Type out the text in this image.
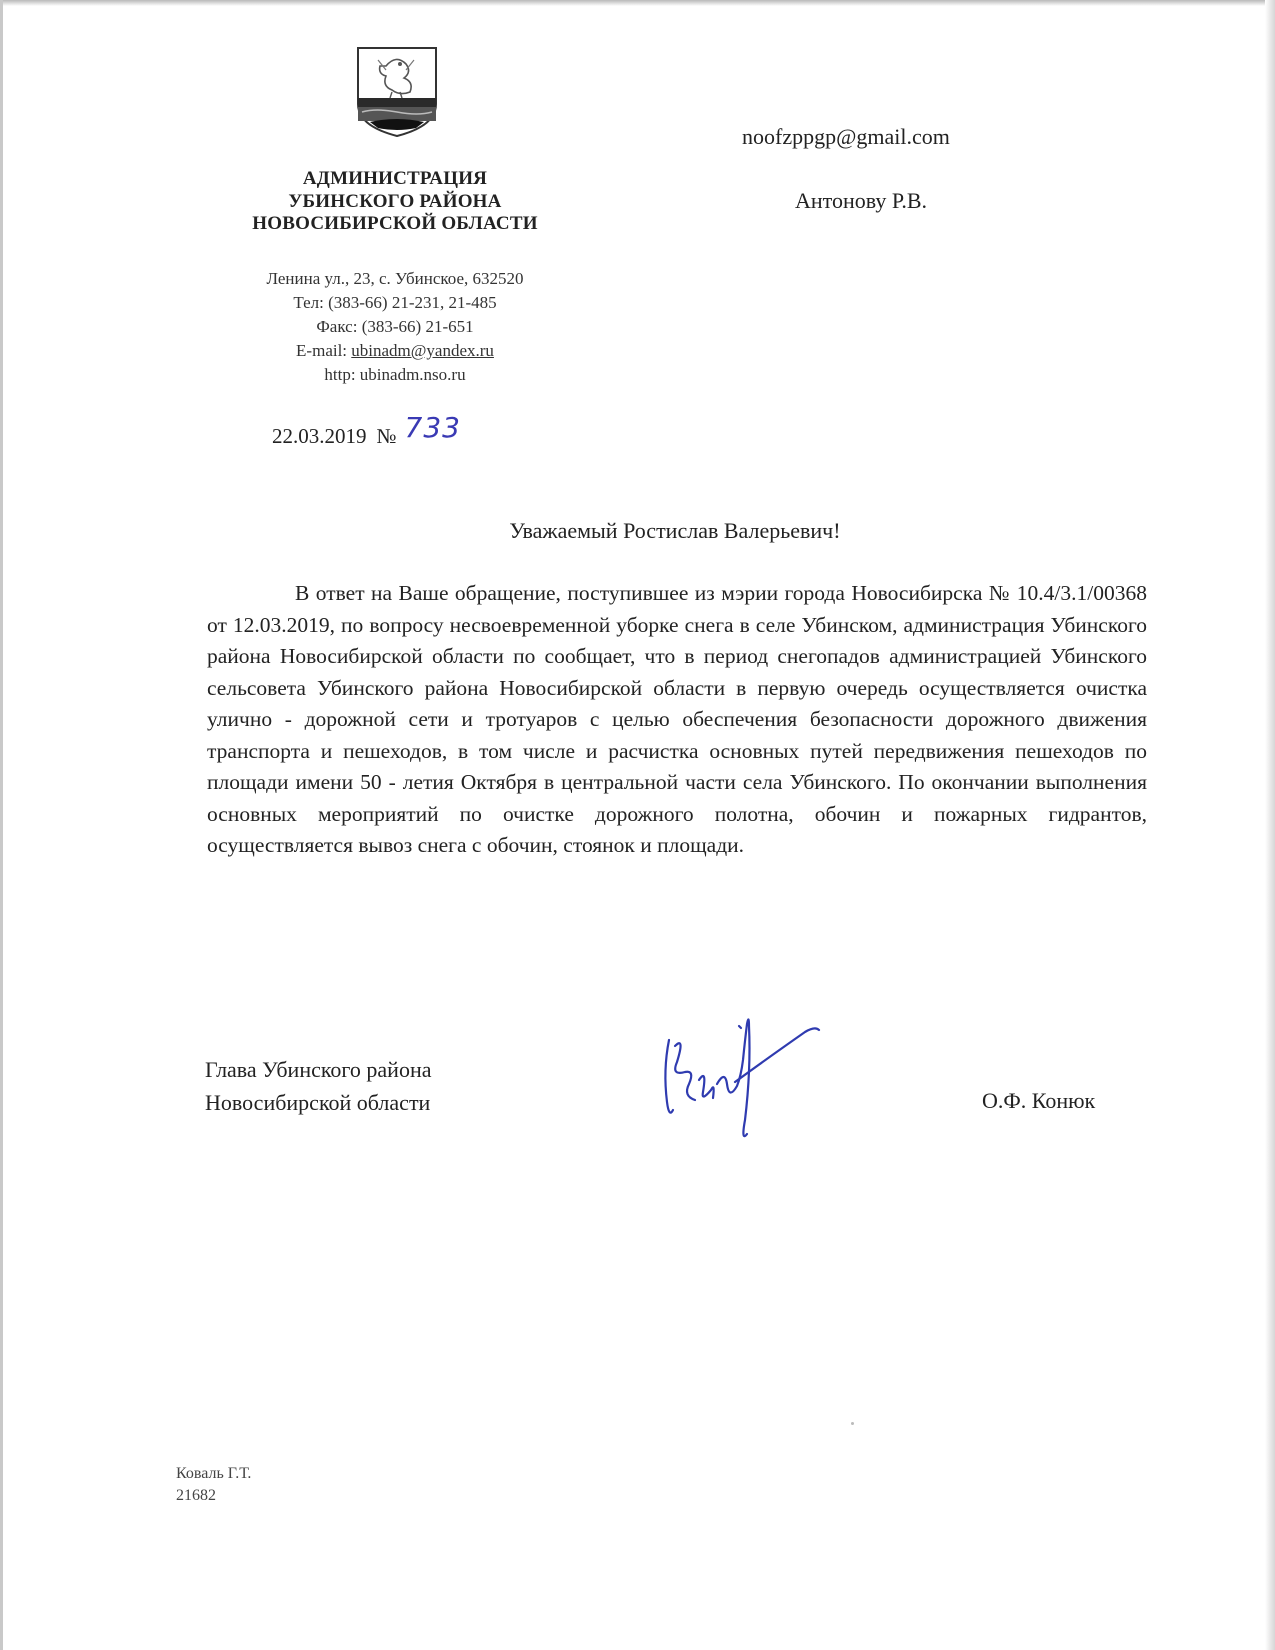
АДМИНИСТРАЦИЯ
УБИНСКОГО РАЙОНА
НОВОСИБИРСКОЙ ОБЛАСТИ
Ленина ул., 23, с. Убинское, 632520
Тел: (383-66) 21-231, 21-485
Факс: (383-66) 21-651
E-mail: ubinadm@yandex.ru
http: ubinadm.nso.ru
22.03.2019 № 733
noofzppgp@gmail.com
Антонову Р.В.
Уважаемый Ростислав Валерьевич!
В ответ на Ваше обращение, поступившее из мэрии города Новосибирска № 10.4/3.1/00368 от 12.03.2019, по вопросу несвоевременной уборке снега в селе Убинском, администрация Убинского района Новосибирской области по сообщает, что в период снегопадов администрацией Убинского сельсовета Убинского района Новосибирской области в первую очередь осуществляется очистка улично - дорожной сети и тротуаров с целью обеспечения безопасности дорожного движения транспорта и пешеходов, в том числе и расчистка основных путей передвижения пешеходов по площади имени 50 - летия Октября в центральной части села Убинского. По окончании выполнения основных мероприятий по очистке дорожного полотна, обочин и пожарных гидрантов, осуществляется вывоз снега с обочин, стоянок и площади.
Глава Убинского района
Новосибирской области	О.Ф. Конюк
Коваль Г.Т.
21682
